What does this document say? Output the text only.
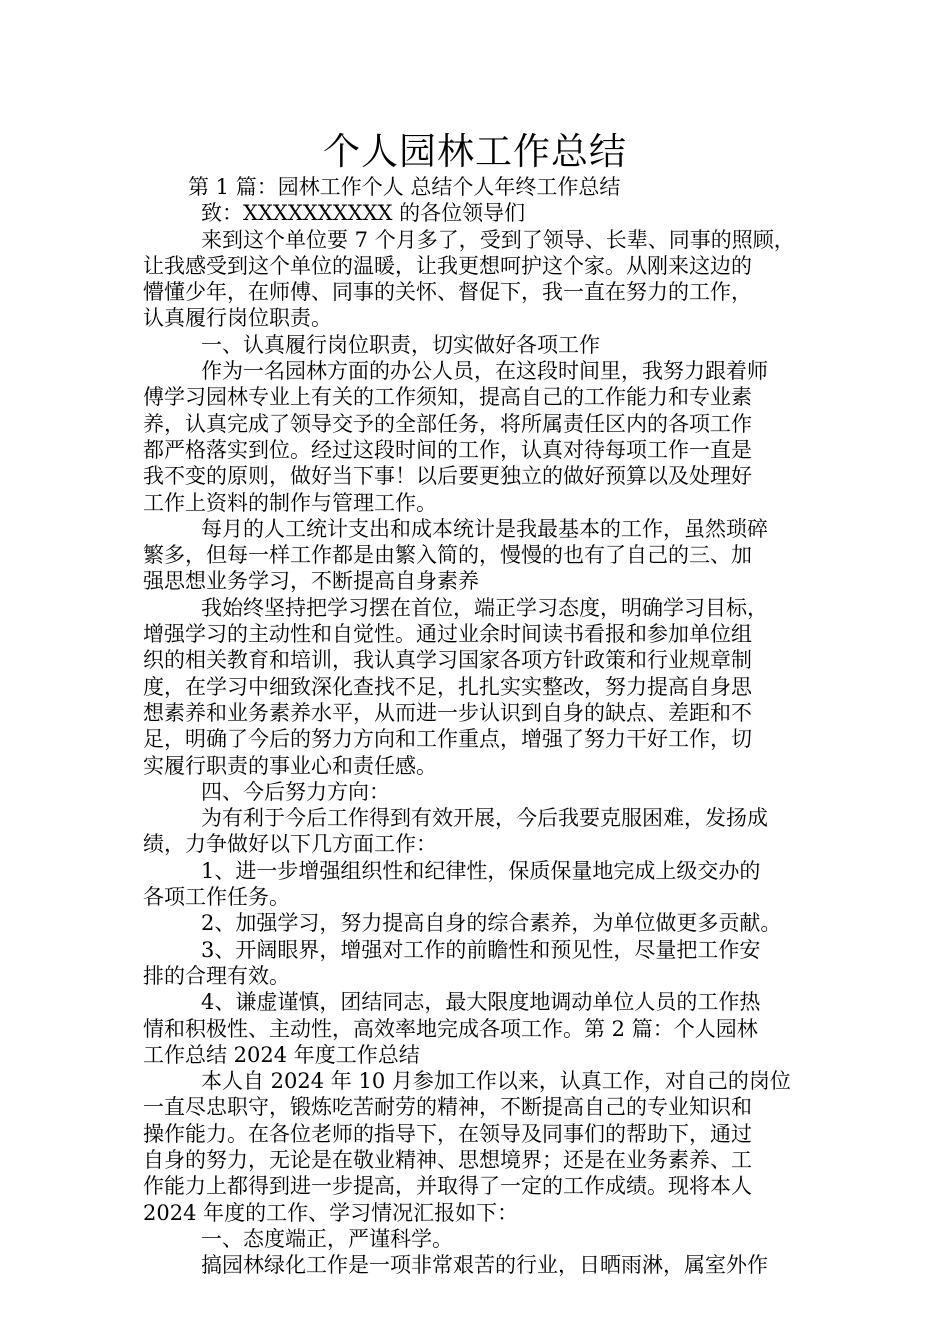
个人园林工作总结
第 1 篇：园林工作个人 总结个人年终工作总结
致：XXXXXXXXXX 的各位领导们
来到这个单位要 7 个月多了，受到了领导、长辈、同事的照顾，
让我感受到这个单位的温暖，让我更想呵护这个家。从刚来这边的
懵懂少年，在师傅、同事的关怀、督促下，我一直在努力的工作，
认真履行岗位职责。
一、认真履行岗位职责，切实做好各项工作
作为一名园林方面的办公人员，在这段时间里，我努力跟着师
傅学习园林专业上有关的工作须知，提高自己的工作能力和专业素
养，认真完成了领导交予的全部任务，将所属责任区内的各项工作
都严格落实到位。经过这段时间的工作，认真对待每项工作一直是
我不变的原则，做好当下事！以后要更独立的做好预算以及处理好
工作上资料的制作与管理工作。
每月的人工统计支出和成本统计是我最基本的工作，虽然琐碎
繁多，但每一样工作都是由繁入简的，慢慢的也有了自己的三、加
强思想业务学习，不断提高自身素养
我始终坚持把学习摆在首位，端正学习态度，明确学习目标，
增强学习的主动性和自觉性。通过业余时间读书看报和参加单位组
织的相关教育和培训，我认真学习国家各项方针政策和行业规章制
度，在学习中细致深化查找不足，扎扎实实整改，努力提高自身思
想素养和业务素养水平，从而进一步认识到自身的缺点、差距和不
足，明确了今后的努力方向和工作重点，增强了努力干好工作，切
实履行职责的事业心和责任感。
四、今后努力方向：
为有利于今后工作得到有效开展，今后我要克服困难，发扬成
绩，力争做好以下几方面工作：
1、进一步增强组织性和纪律性，保质保量地完成上级交办的
各项工作任务。
2、加强学习，努力提高自身的综合素养，为单位做更多贡献。
3、开阔眼界，增强对工作的前瞻性和预见性，尽量把工作安
排的合理有效。
4、谦虚谨慎，团结同志，最大限度地调动单位人员的工作热
情和积极性、主动性，高效率地完成各项工作。第 2 篇：个人园林
工作总结 2024 年度工作总结
本人自 2024 年 10 月参加工作以来，认真工作，对自己的岗位
一直尽忠职守，锻炼吃苦耐劳的精神，不断提高自己的专业知识和
操作能力。在各位老师的指导下，在领导及同事们的帮助下，通过
自身的努力，无论是在敬业精神、思想境界；还是在业务素养、工
作能力上都得到进一步提高，并取得了一定的工作成绩。现将本人
2024 年度的工作、学习情况汇报如下：
一、态度端正，严谨科学。
搞园林绿化工作是一项非常艰苦的行业，日晒雨淋，属室外作
